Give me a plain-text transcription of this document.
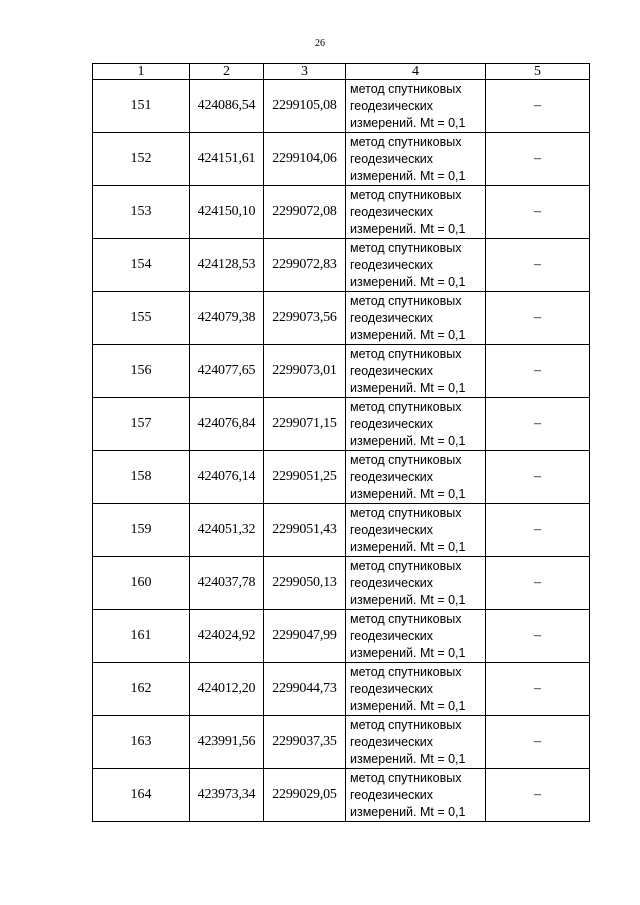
26
1	2	3	4	5
151	424086,54	2299105,08	метод спутниковых
геодезических
измерений. Mt = 0,1	–
152	424151,61	2299104,06	метод спутниковых
геодезических
измерений. Mt = 0,1	–
153	424150,10	2299072,08	метод спутниковых
геодезических
измерений. Mt = 0,1	–
154	424128,53	2299072,83	метод спутниковых
геодезических
измерений. Mt = 0,1	–
155	424079,38	2299073,56	метод спутниковых
геодезических
измерений. Mt = 0,1	–
156	424077,65	2299073,01	метод спутниковых
геодезических
измерений. Mt = 0,1	–
157	424076,84	2299071,15	метод спутниковых
геодезических
измерений. Mt = 0,1	–
158	424076,14	2299051,25	метод спутниковых
геодезических
измерений. Mt = 0,1	–
159	424051,32	2299051,43	метод спутниковых
геодезических
измерений. Mt = 0,1	–
160	424037,78	2299050,13	метод спутниковых
геодезических
измерений. Mt = 0,1	–
161	424024,92	2299047,99	метод спутниковых
геодезических
измерений. Mt = 0,1	–
162	424012,20	2299044,73	метод спутниковых
геодезических
измерений. Mt = 0,1	–
163	423991,56	2299037,35	метод спутниковых
геодезических
измерений. Mt = 0,1	–
164	423973,34	2299029,05	метод спутниковых
геодезических
измерений. Mt = 0,1	–
